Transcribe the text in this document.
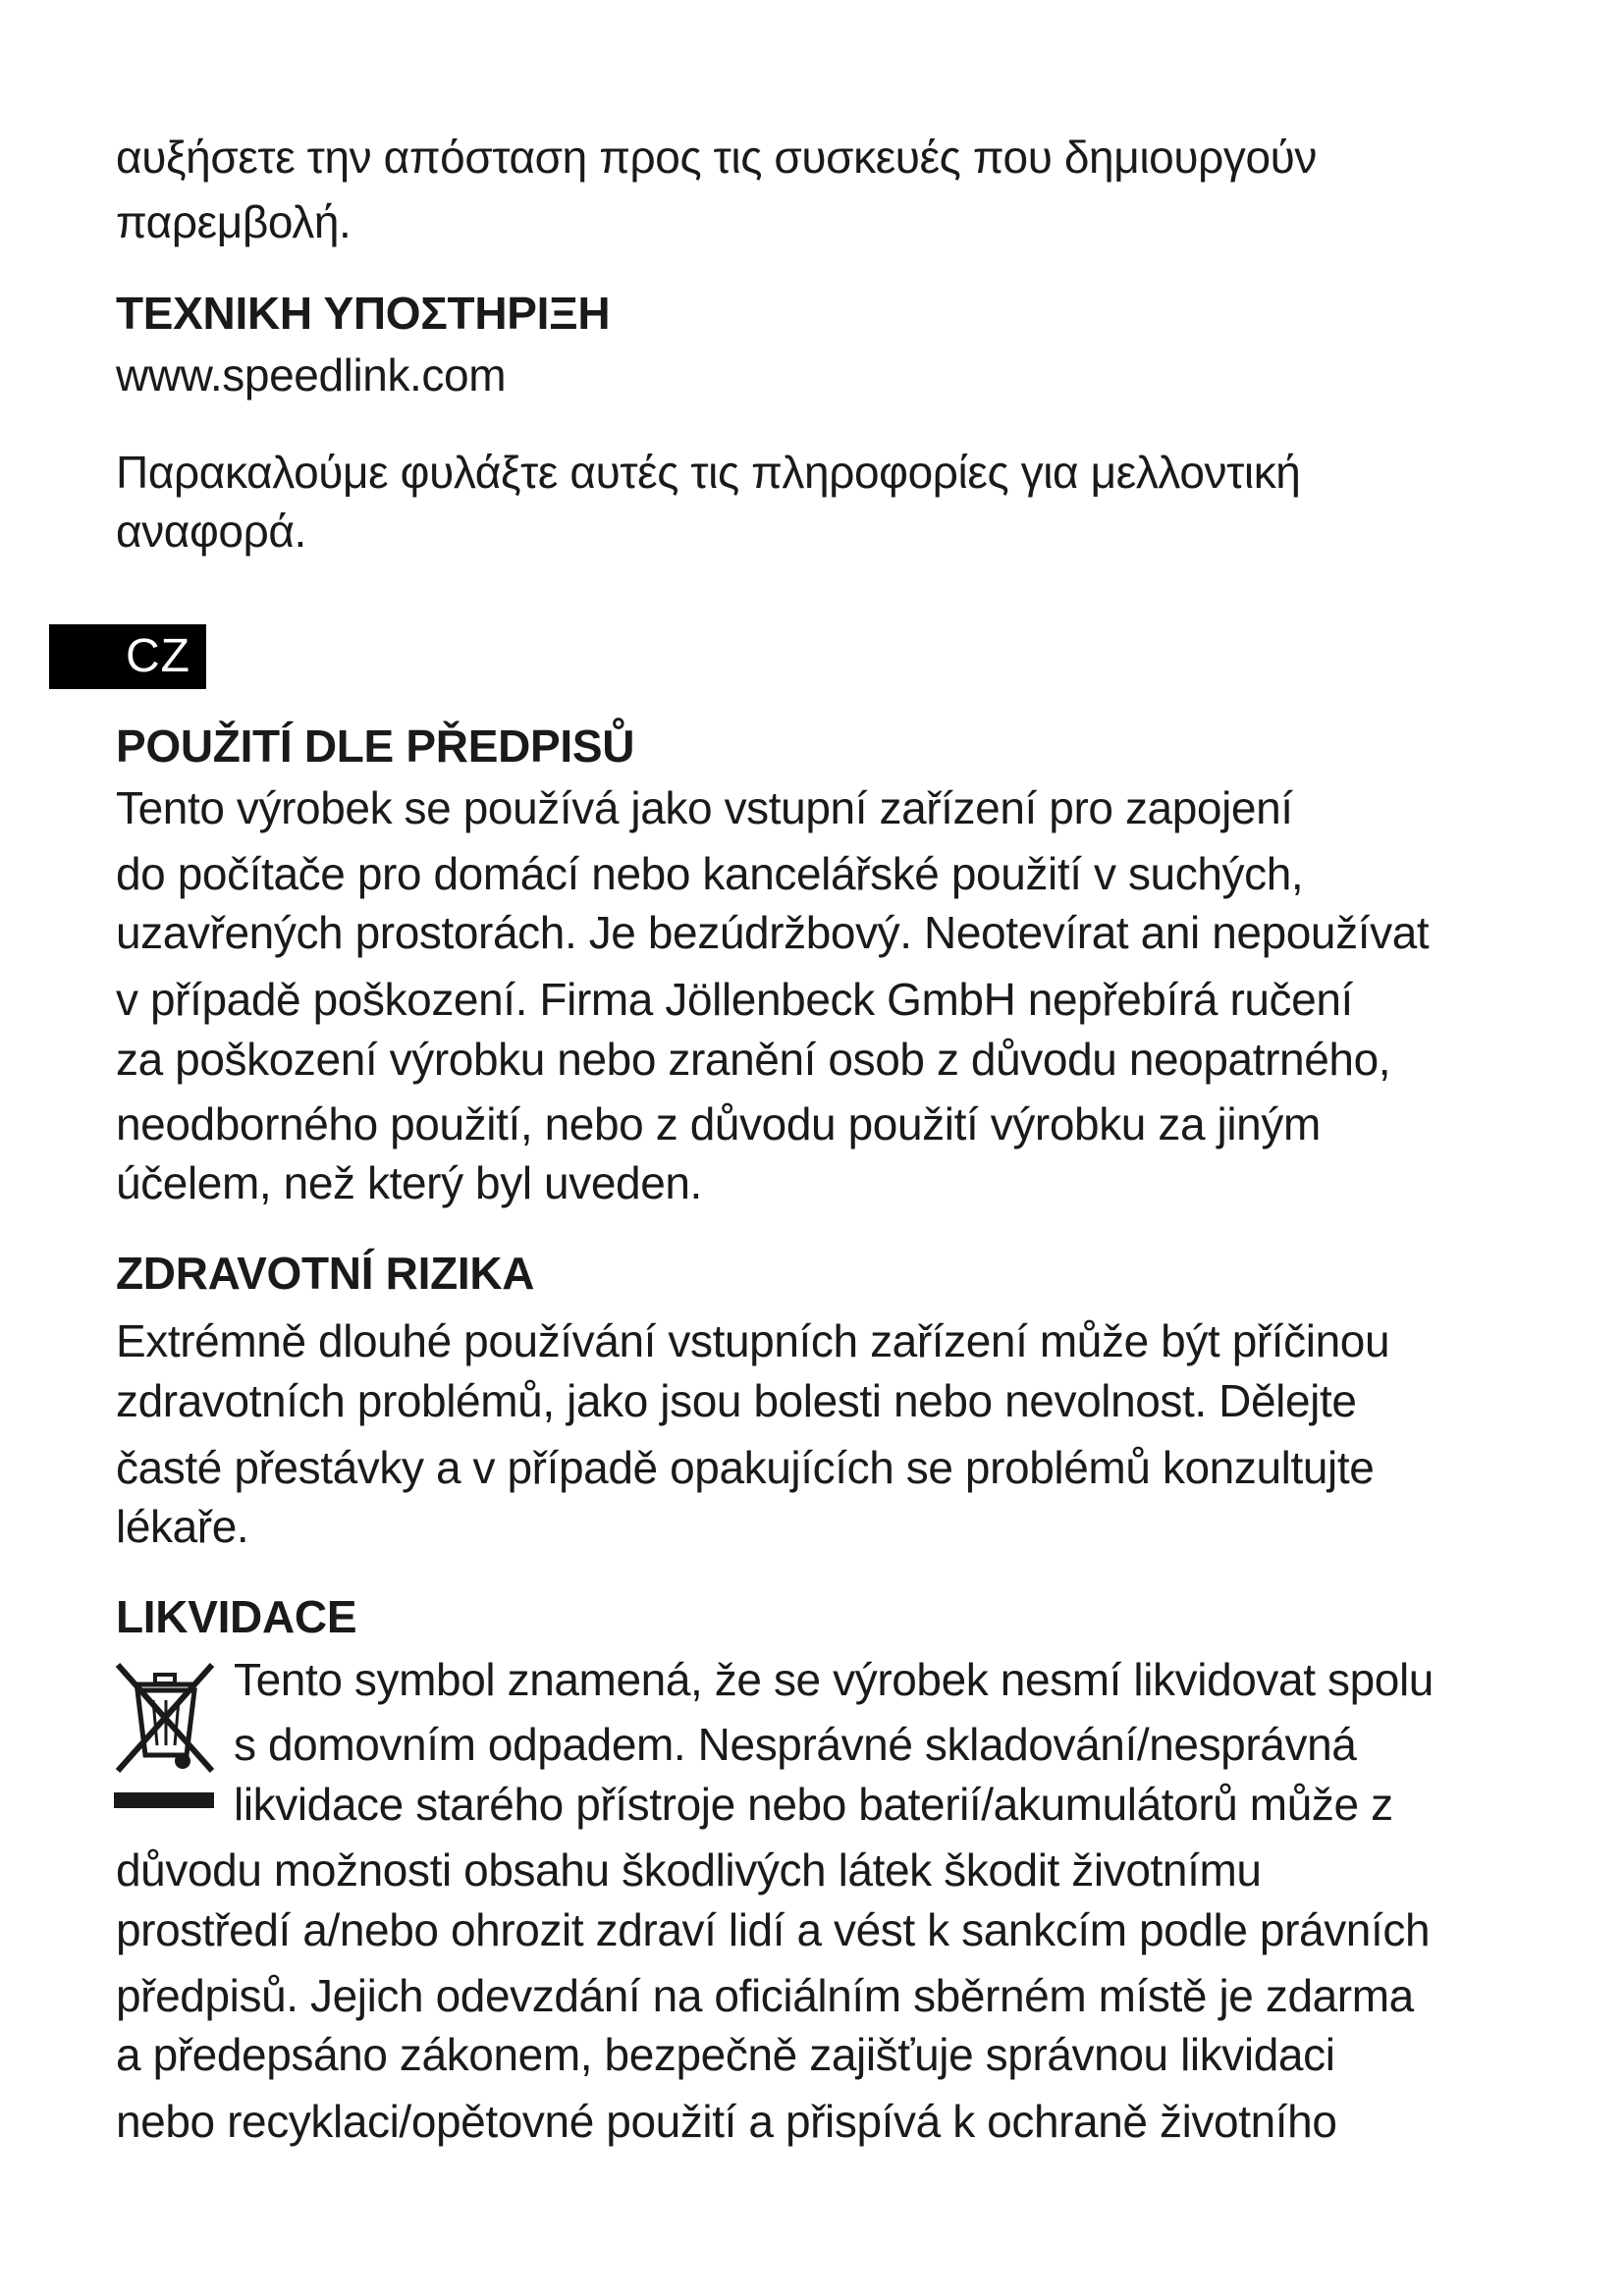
αυξήσετε την απόσταση προς τις συσκευές που δημιουργούν
παρεμβολή.
ΤΕΧΝΙΚΗ ΥΠΟΣΤΗΡΙΞΗ
www.speedlink.com
Παρακαλούμε φυλάξτε αυτές τις πληροφορίες για μελλοντική
αναφορά.
CZ
POUŽITÍ DLE PŘEDPISŮ
Tento výrobek se používá jako vstupní zařízení pro zapojení
do počítače pro domácí nebo kancelářské použití v suchých,
uzavřených prostorách. Je bezúdržbový. Neotevírat ani nepoužívat
v případě poškození. Firma Jöllenbeck GmbH nepřebírá ručení
za poškození výrobku nebo zranění osob z důvodu neopatrného,
neodborného použití, nebo z důvodu použití výrobku za jiným
účelem, než který byl uveden.
ZDRAVOTNÍ RIZIKA
Extrémně dlouhé používání vstupních zařízení může být příčinou
zdravotních problémů, jako jsou bolesti nebo nevolnost. Dělejte
časté přestávky a v případě opakujících se problémů konzultujte
lékaře.
LIKVIDACE
Tento symbol znamená, že se výrobek nesmí likvidovat spolu
s domovním odpadem. Nesprávné skladování/nesprávná
likvidace starého přístroje nebo baterií/akumulátorů může z
důvodu možnosti obsahu škodlivých látek škodit životnímu
prostředí a/nebo ohrozit zdraví lidí a vést k sankcím podle právních
předpisů. Jejich odevzdání na oficiálním sběrném místě je zdarma
a předepsáno zákonem, bezpečně zajišťuje správnou likvidaci
nebo recyklaci/opětovné použití a přispívá k ochraně životního
